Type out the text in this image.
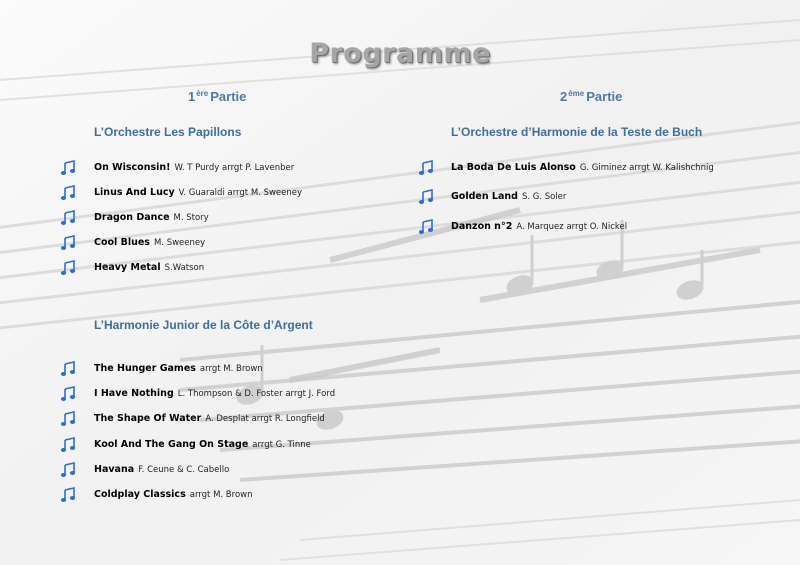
Programme
1ère Partie	2ème Partie
L’Orchestre Les Papillons
L’Harmonie Junior de la Côte d’Argent
L’Orchestre d’Harmonie de la Teste de Buch
On Wisconsin! W. T Purdy arrgt P. Lavenber
Linus And Lucy V. Guaraldi arrgt M. Sweeney
Dragon Dance M. Story
Cool Blues M. Sweeney
Heavy Metal S.Watson
The Hunger Games arrgt M. Brown
I Have Nothing L. Thompson & D. Foster arrgt J. Ford
The Shape Of Water A. Desplat arrgt R. Longfield
Kool And The Gang On Stage arrgt G. Tinne
Havana F. Ceune & C. Cabello
Coldplay Classics arrgt M. Brown
La Boda De Luis Alonso G. Giminez arrgt W. Kalishchnig
Golden Land S. G. Soler
Danzon n°2 A. Marquez arrgt O. Nickel
